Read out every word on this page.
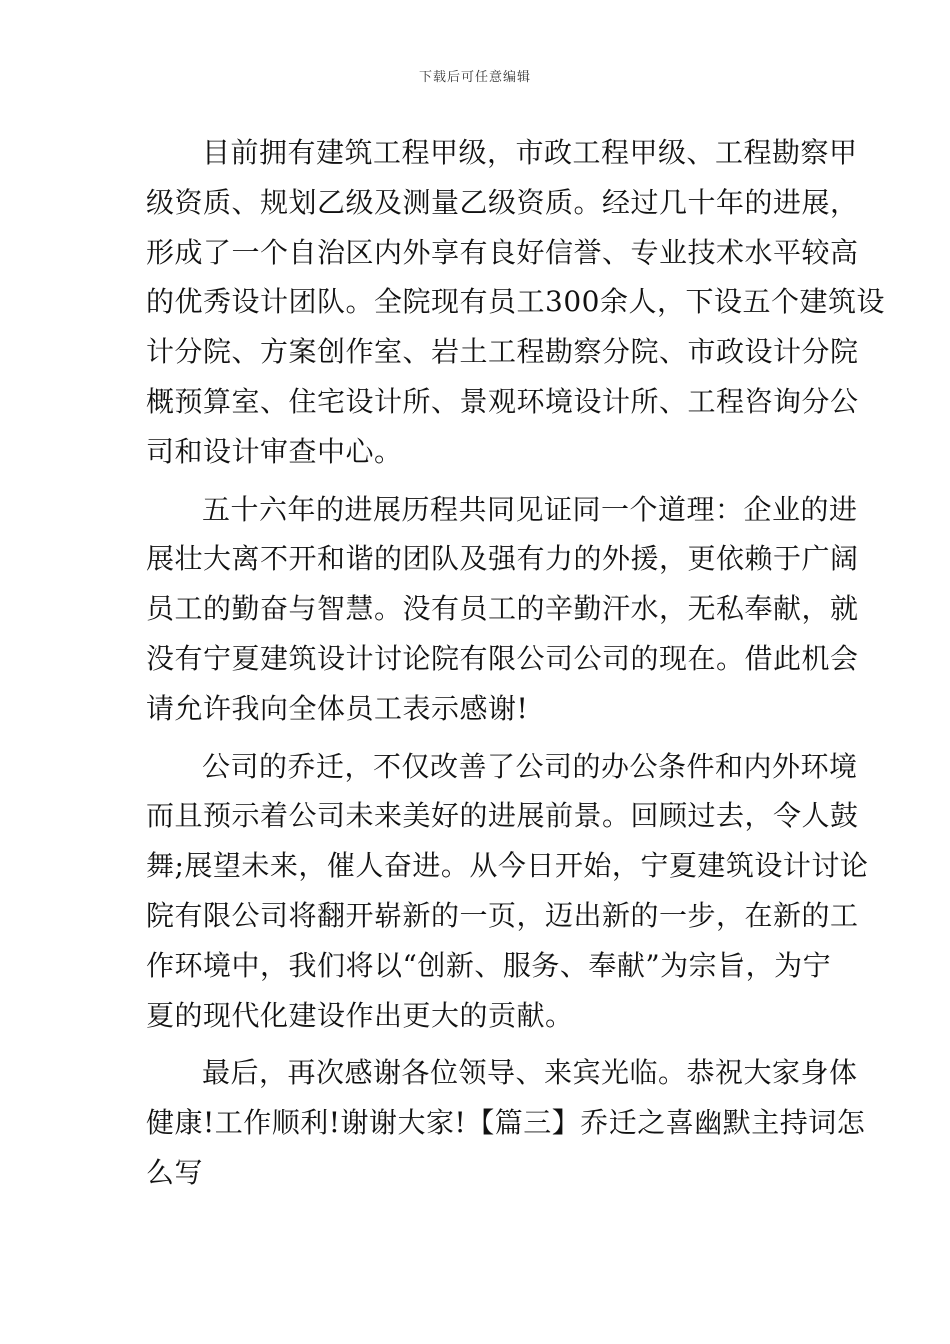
下载后可任意编辑
目前拥有建筑工程甲级，市政工程甲级、工程勘察甲
级资质、规划乙级及测量乙级资质。经过几十年的进展，
形成了一个自治区内外享有良好信誉、专业技术水平较高
的优秀设计团队。全院现有员工300余人，下设五个建筑设
计分院、方案创作室、岩土工程勘察分院、市政设计分院
概预算室、住宅设计所、景观环境设计所、工程咨询分公
司和设计审查中心。
五十六年的进展历程共同见证同一个道理：企业的进
展壮大离不开和谐的团队及强有力的外援，更依赖于广阔
员工的勤奋与智慧。没有员工的辛勤汗水，无私奉献，就
没有宁夏建筑设计讨论院有限公司公司的现在。借此机会
请允许我向全体员工表示感谢!
公司的乔迁，不仅改善了公司的办公条件和内外环境
而且预示着公司未来美好的进展前景。回顾过去，令人鼓
舞;展望未来，催人奋进。从今日开始，宁夏建筑设计讨论
院有限公司将翻开崭新的一页，迈出新的一步，在新的工
作环境中，我们将以“创新、服务、奉献”为宗旨，为宁
夏的现代化建设作出更大的贡献。
最后，再次感谢各位领导、来宾光临。恭祝大家身体
健康!工作顺利!谢谢大家!【篇三】乔迁之喜幽默主持词怎
么写
